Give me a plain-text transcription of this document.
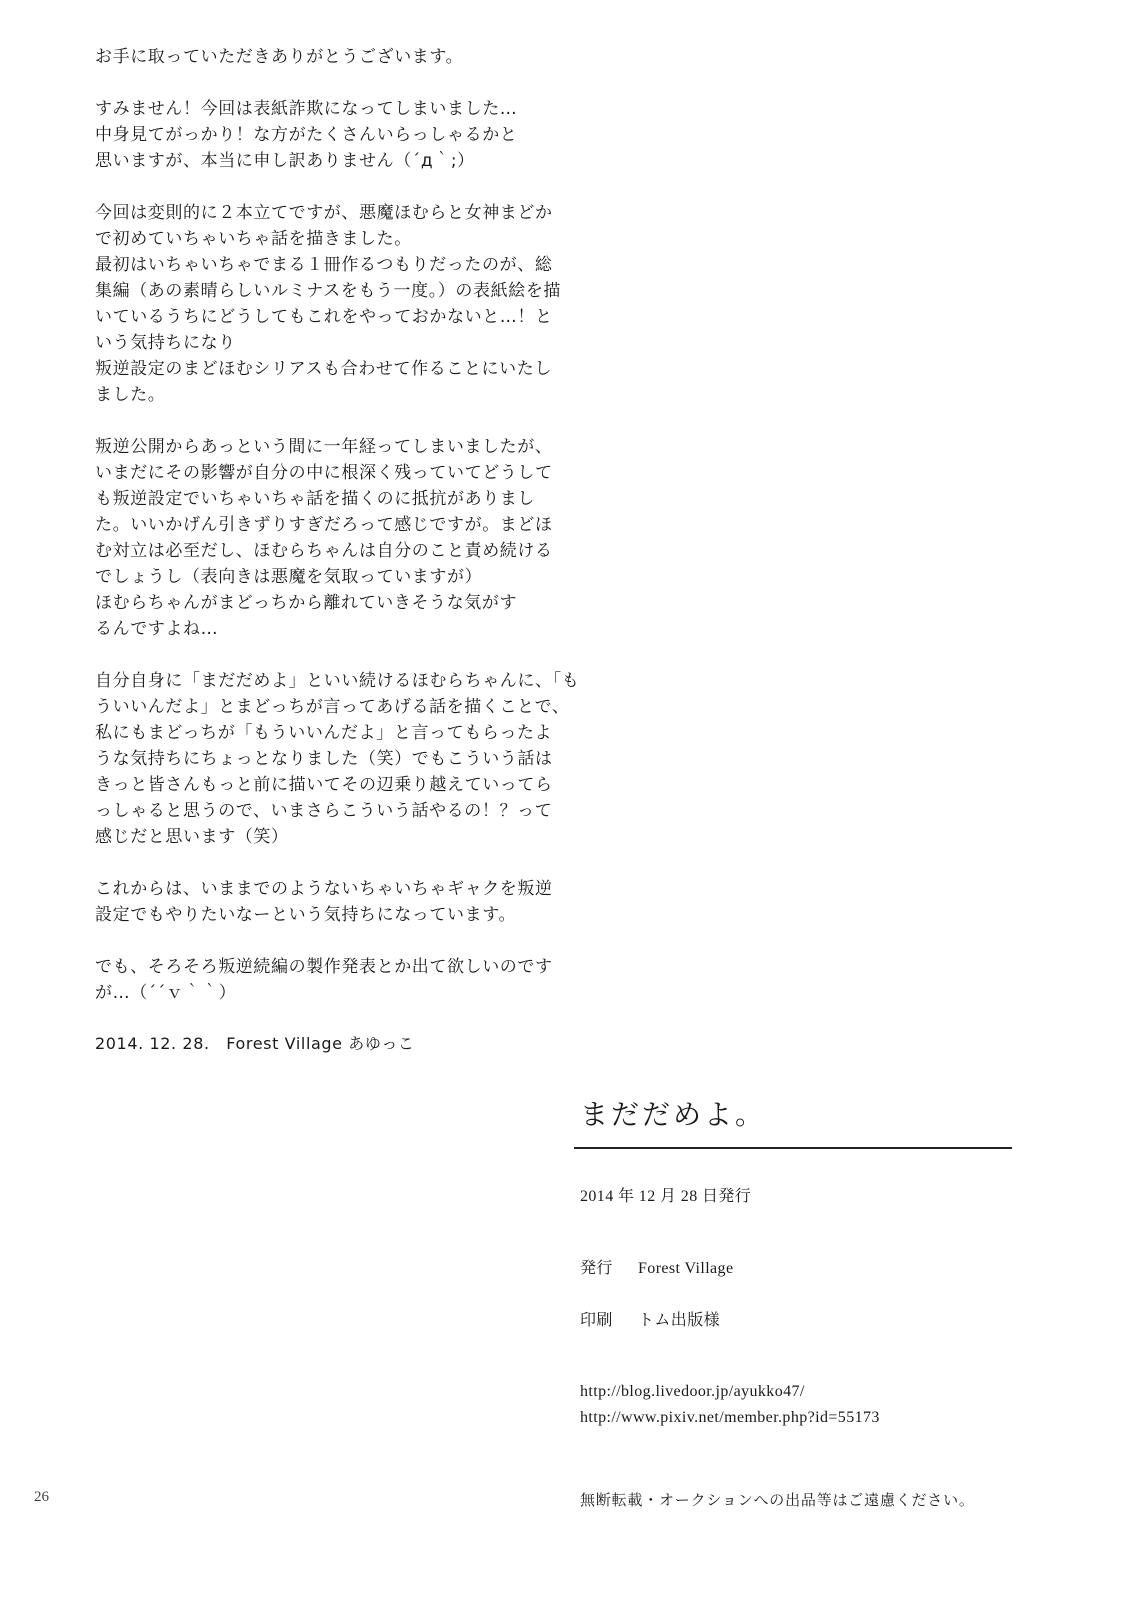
お手に取っていただきありがとうございます。
すみません！今回は表紙詐欺になってしまいました…
中身見てがっかり！な方がたくさんいらっしゃるかと
思いますが、本当に申し訳ありません（´д｀;）
今回は変則的に２本立てですが、悪魔ほむらと女神まどか
で初めていちゃいちゃ話を描きました。
最初はいちゃいちゃでまる１冊作るつもりだったのが、総
集編（あの素晴らしいルミナスをもう一度。）の表紙絵を描
いているうちにどうしてもこれをやっておかないと…！と
いう気持ちになり
叛逆設定のまどほむシリアスも合わせて作ることにいたし
ました。
叛逆公開からあっという間に一年経ってしまいましたが、
いまだにその影響が自分の中に根深く残っていてどうして
も叛逆設定でいちゃいちゃ話を描くのに抵抗がありまし
た。いいかげん引きずりすぎだろって感じですが。まどほ
む対立は必至だし、ほむらちゃんは自分のこと責め続ける
でしょうし（表向きは悪魔を気取っていますが）
ほむらちゃんがまどっちから離れていきそうな気がす
るんですよね…
自分自身に「まだだめよ」といい続けるほむらちゃんに、「も
ういいんだよ」とまどっちが言ってあげる話を描くことで、
私にもまどっちが「もういいんだよ」と言ってもらったよ
うな気持ちにちょっとなりました（笑）でもこういう話は
きっと皆さんもっと前に描いてその辺乗り越えていってら
っしゃると思うので、いまさらこういう話やるの！？って
感じだと思います（笑）
これからは、いままでのようないちゃいちゃギャクを叛逆
設定でもやりたいなーという気持ちになっています。
でも、そろそろ叛逆続編の製作発表とか出て欲しいのです
が…（´´ｖ｀｀）
2014. 12. 28.　Forest Village あゆっこ
まだだめよ。
2014 年 12 月 28 日発行
発行 Forest Village
印刷 トム出版様
http://blog.livedoor.jp/ayukko47/
http://www.pixiv.net/member.php?id=55173
無断転載・オークションへの出品等はご遠慮ください。
26
